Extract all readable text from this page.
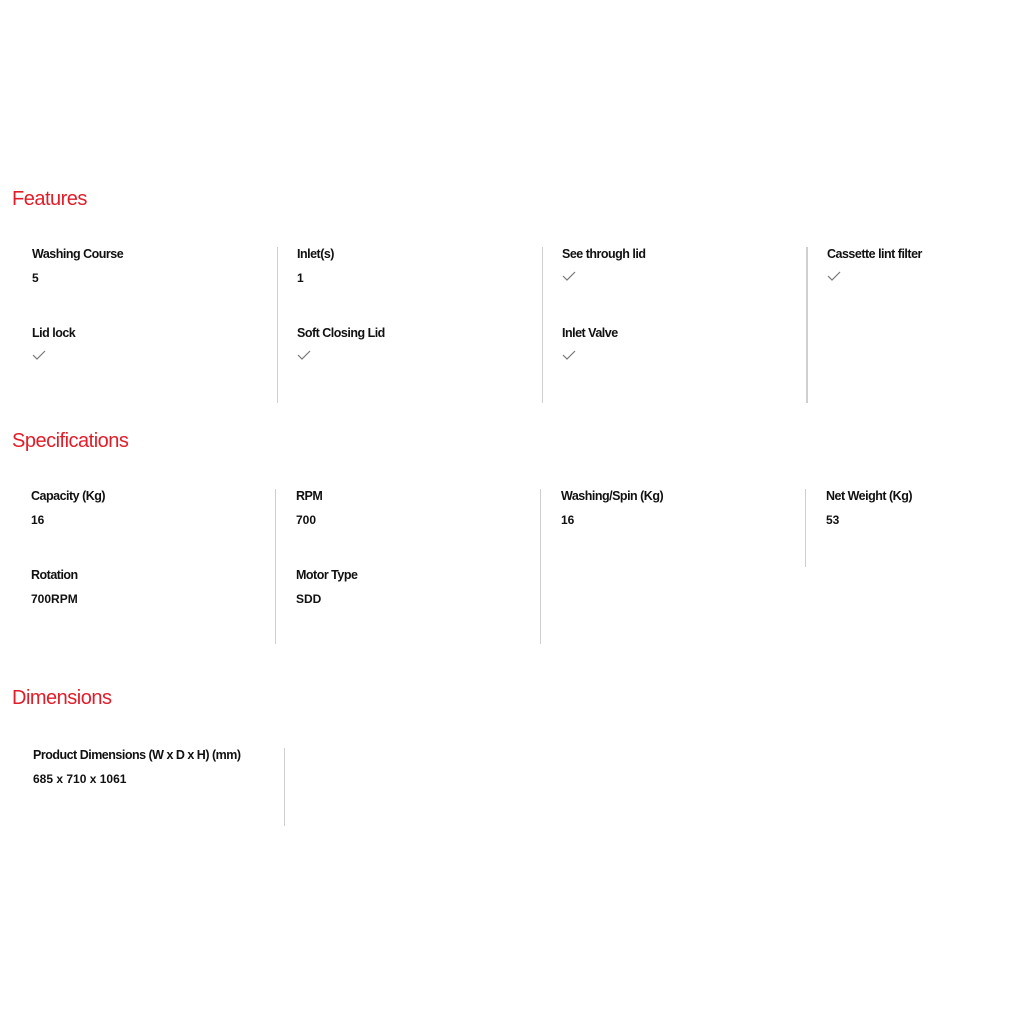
Features
Washing Course
5
Lid lock
Inlet(s)
1
Soft Closing Lid
See through lid
Inlet Valve
Cassette lint filter
Specifications
Capacity (Kg)
16
Rotation
700RPM
RPM
700
Motor Type
SDD
Washing/Spin (Kg)
16
Net Weight (Kg)
53
Dimensions
Product Dimensions (W x D x H) (mm)
685 x 710 x 1061
